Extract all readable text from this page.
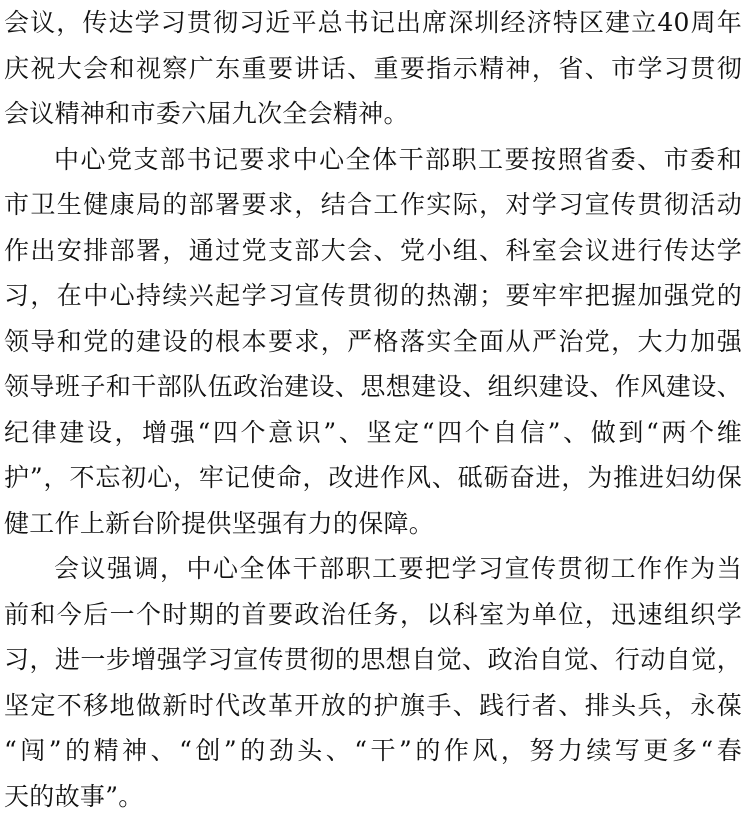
会议，传达学习贯彻习近平总书记出席深圳经济特区建立40周年
庆祝大会和视察广东重要讲话、重要指示精神，省、市学习贯彻
会议精神和市委六届九次全会精神。
中心党支部书记要求中心全体干部职工要按照省委、市委和
市卫生健康局的部署要求，结合工作实际，对学习宣传贯彻活动
作出安排部署，通过党支部大会、党小组、科室会议进行传达学
习，在中心持续兴起学习宣传贯彻的热潮；要牢牢把握加强党的
领导和党的建设的根本要求，严格落实全面从严治党，大力加强
领导班子和干部队伍政治建设、思想建设、组织建设、作风建设、
纪律建设，增强“四个意识”、坚定“四个自信”、做到“两个维
护”，不忘初心，牢记使命，改进作风、砥砺奋进，为推进妇幼保
健工作上新台阶提供坚强有力的保障。
会议强调，中心全体干部职工要把学习宣传贯彻工作作为当
前和今后一个时期的首要政治任务，以科室为单位，迅速组织学
习，进一步增强学习宣传贯彻的思想自觉、政治自觉、行动自觉，
坚定不移地做新时代改革开放的护旗手、践行者、排头兵，永葆
“闯”的精神、“创”的劲头、“干”的作风，努力续写更多“春
天的故事”。
